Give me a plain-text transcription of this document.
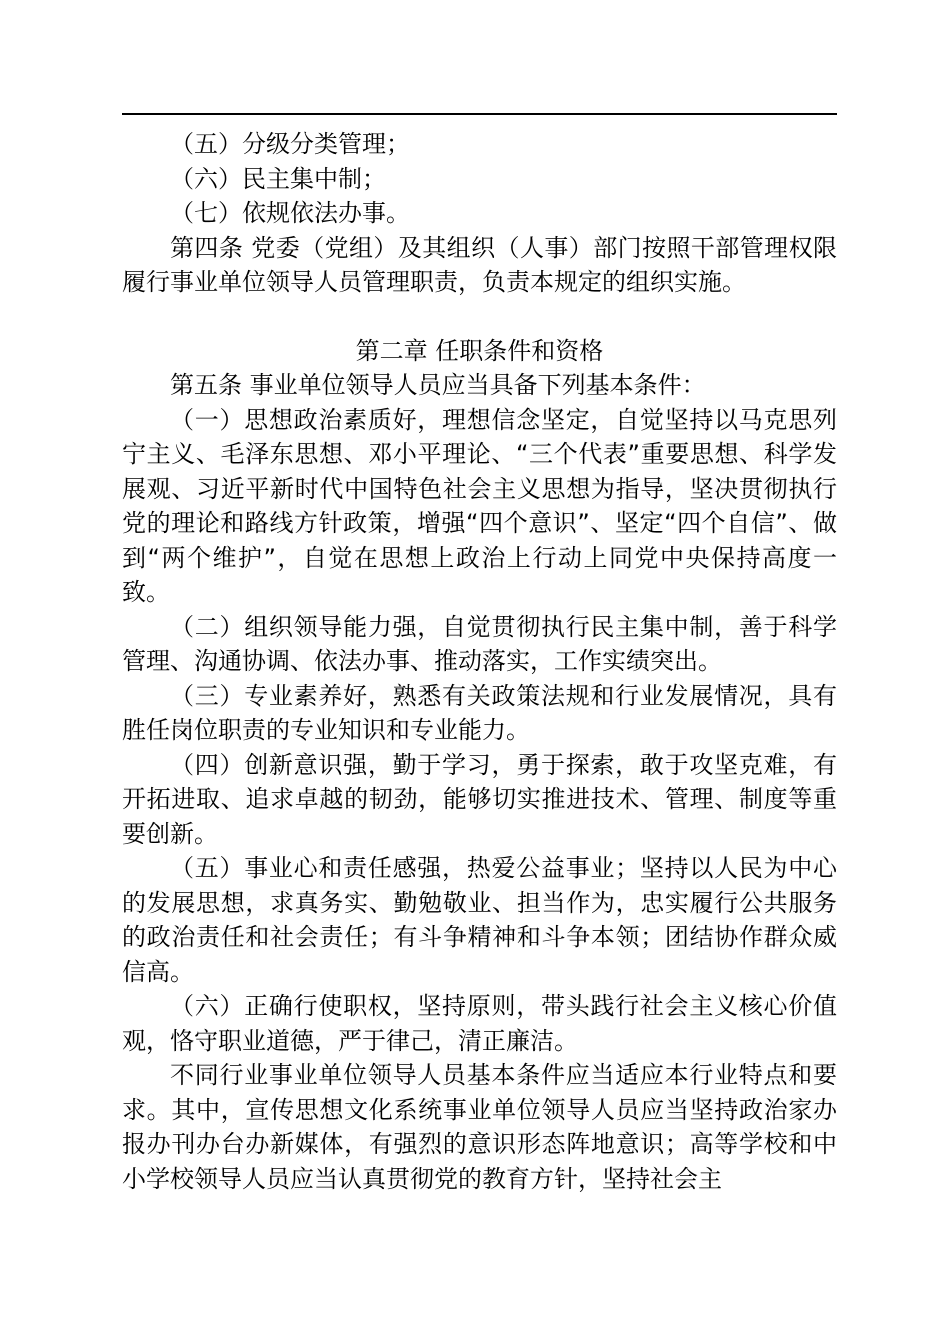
（五）分级分类管理；

（六）民主集中制；

（七）依规依法办事。

第四条 党委（党组）及其组织（人事）部门按照干部管理权限履行事业单位领导人员管理职责，负责本规定的组织实施。

第二章 任职条件和资格

第五条 事业单位领导人员应当具备下列基本条件：

（一）思想政治素质好，理想信念坚定，自觉坚持以马克思列宁主义、毛泽东思想、邓小平理论、“三个代表”重要思想、科学发展观、习近平新时代中国特色社会主义思想为指导，坚决贯彻执行党的理论和路线方针政策，增强“四个意识”、坚定“四个自信”、做到“两个维护”，自觉在思想上政治上行动上同党中央保持高度一致。

（二）组织领导能力强，自觉贯彻执行民主集中制，善于科学管理、沟通协调、依法办事、推动落实，工作实绩突出。

（三）专业素养好，熟悉有关政策法规和行业发展情况，具有胜任岗位职责的专业知识和专业能力。

（四）创新意识强，勤于学习，勇于探索，敢于攻坚克难，有开拓进取、追求卓越的韧劲，能够切实推进技术、管理、制度等重要创新。

（五）事业心和责任感强，热爱公益事业；坚持以人民为中心的发展思想，求真务实、勤勉敬业、担当作为，忠实履行公共服务的政治责任和社会责任；有斗争精神和斗争本领；团结协作群众威信高。

（六）正确行使职权，坚持原则，带头践行社会主义核心价值观，恪守职业道德，严于律己，清正廉洁。

不同行业事业单位领导人员基本条件应当适应本行业特点和要求。其中，宣传思想文化系统事业单位领导人员应当坚持政治家办报办刊办台办新媒体，有强烈的意识形态阵地意识；高等学校和中小学校领导人员应当认真贯彻党的教育方针，坚持社会主
